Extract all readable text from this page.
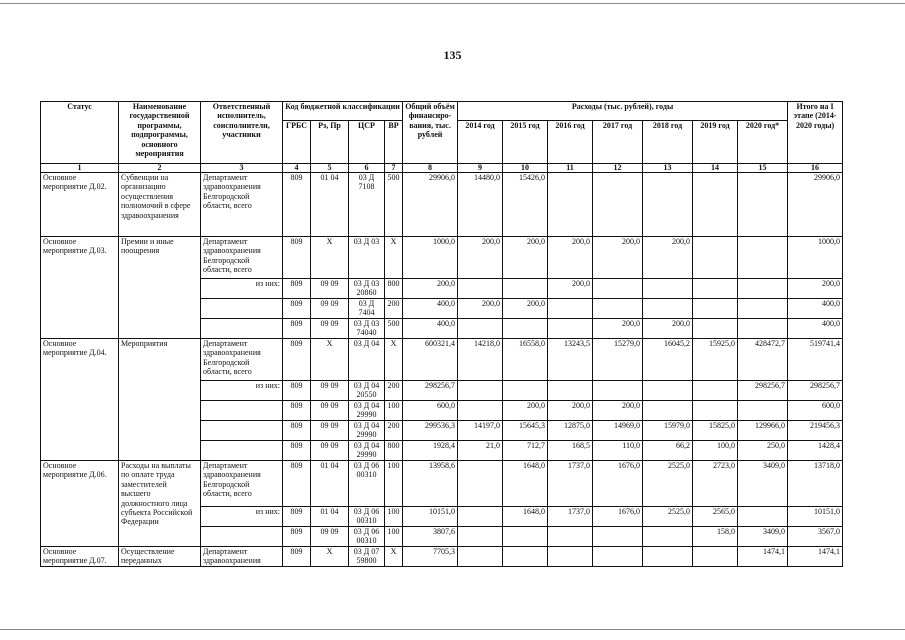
135
Статус	Наименование государственной программы, подпрограммы, основного мероприятия	Ответственный исполнитель, соисполнители, участники	Код бюджетной классификации				Общий объём финансиро-вания, тыс. рублей	Расходы (тыс. рублей), годы							Итого на I этапе (2014-2020 годы)
			ГРБС	Рз, Пр	ЦСР	ВР		2014 год	2015 год	2016 год	2017 год	2018 год	2019 год	2020 год*	
1	2	3	4	5	6	7	8	9	10	11	12	13	14	15	16
Основное мероприятие Д.02.	Субвенции на организацию осуществления полномочий в сфере здравоохранения	Департамент здравоохранения Белгородской области, всего	809	01 04	03 Д 7108	500	29906,0	14480,0	15426,0						29906,0
Основное мероприятие Д.03.	Премии и иные поощрения	Департамент здравоохранения Белгородской области, всего	809	X	03 Д 03	X	1000,0	200,0	200,0	200,0	200,0	200,0			1000,0
		из них:	809	09 09	03 Д 03 20860	800	200,0			200,0					200,0
			809	09 09	03 Д 7404	200	400,0	200,0	200,0						400,0
			809	09 09	03 Д 03 74040	500	400,0				200,0	200,0			400,0
Основное мероприятие Д.04.	Мероприятия	Департамент здравоохранения Белгородской области, всего	809	X	03 Д 04	X	600321,4	14218,0	16558,0	13243,5	15279,0	16045,2	15925,0	428472,7	519741,4
		из них:	809	09 09	03 Д 04 20550	200	298256,7							298256,7	298256,7
			809	09 09	03 Д 04 29990	100	600,0		200,0	200,0	200,0				600,0
			809	09 09	03 Д 04 29990	200	299536,3	14197,0	15645,3	12875,0	14969,0	15979,0	15825,0	129966,0	219456,3
			809	09 09	03 Д 04 29990	800	1928,4	21,0	712,7	168,5	110,0	66,2	100,0	250,0	1428,4
Основное мероприятие Д.06.	Расходы на выплаты по оплате труда заместителей высшего должностного лица субъекта Российской Федерации	Департамент здравоохранения Белгородской области, всего	809	01 04	03 Д 06 00310	100	13958,6		1648,0	1737,0	1676,0	2525,0	2723,0	3409,0	13718,0
		из них:	809	01 04	03 Д 06 00310	100	10151,0		1648,0	1737,0	1676,0	2525,0	2565,0		10151,0
			809	09 09	03 Д 06 00310	100	3807,6						158,0	3409,0	3567,0
Основное мероприятие Д.07.	Осуществление переданных	Департамент здравоохранения	809	X	03 Д 07 59800	X	7705,3							1474,1	1474,1
